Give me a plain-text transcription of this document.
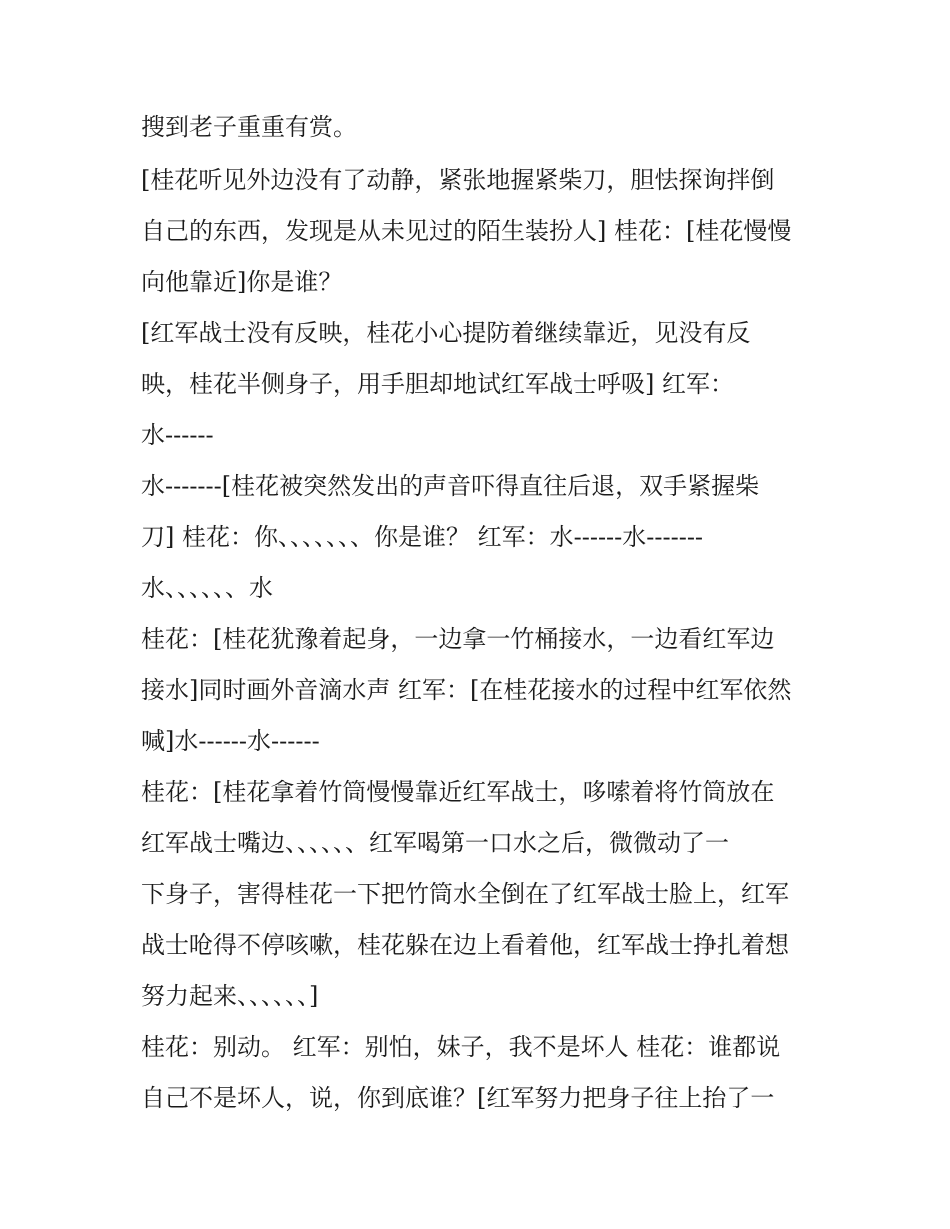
搜到老子重重有赏。
[桂花听见外边没有了动静，紧张地握紧柴刀，胆怯探询拌倒
自己的东西，发现是从未见过的陌生装扮人] 桂花：[桂花慢慢
向他靠近]你是谁？
[红军战士没有反映，桂花小心提防着继续靠近，见没有反
映，桂花半侧身子，用手胆却地试红军战士呼吸] 红军：
水------
水-------[桂花被突然发出的声音吓得直往后退，双手紧握柴
刀] 桂花：你、、、、、、、你是谁？ 红军：水------水-------
水、、、、、、水
桂花：[桂花犹豫着起身，一边拿一竹桶接水，一边看红军边
接水]同时画外音滴水声 红军：[在桂花接水的过程中红军依然
喊]水------水------
桂花：[桂花拿着竹筒慢慢靠近红军战士，哆嗦着将竹筒放在
红军战士嘴边、、、、、、红军喝第一口水之后，微微动了一
下身子，害得桂花一下把竹筒水全倒在了红军战士脸上，红军
战士呛得不停咳嗽，桂花躲在边上看着他，红军战士挣扎着想
努力起来、、、、、、]
桂花：别动。 红军：别怕，妹子，我不是坏人 桂花：谁都说
自己不是坏人，说，你到底谁？[红军努力把身子往上抬了一
